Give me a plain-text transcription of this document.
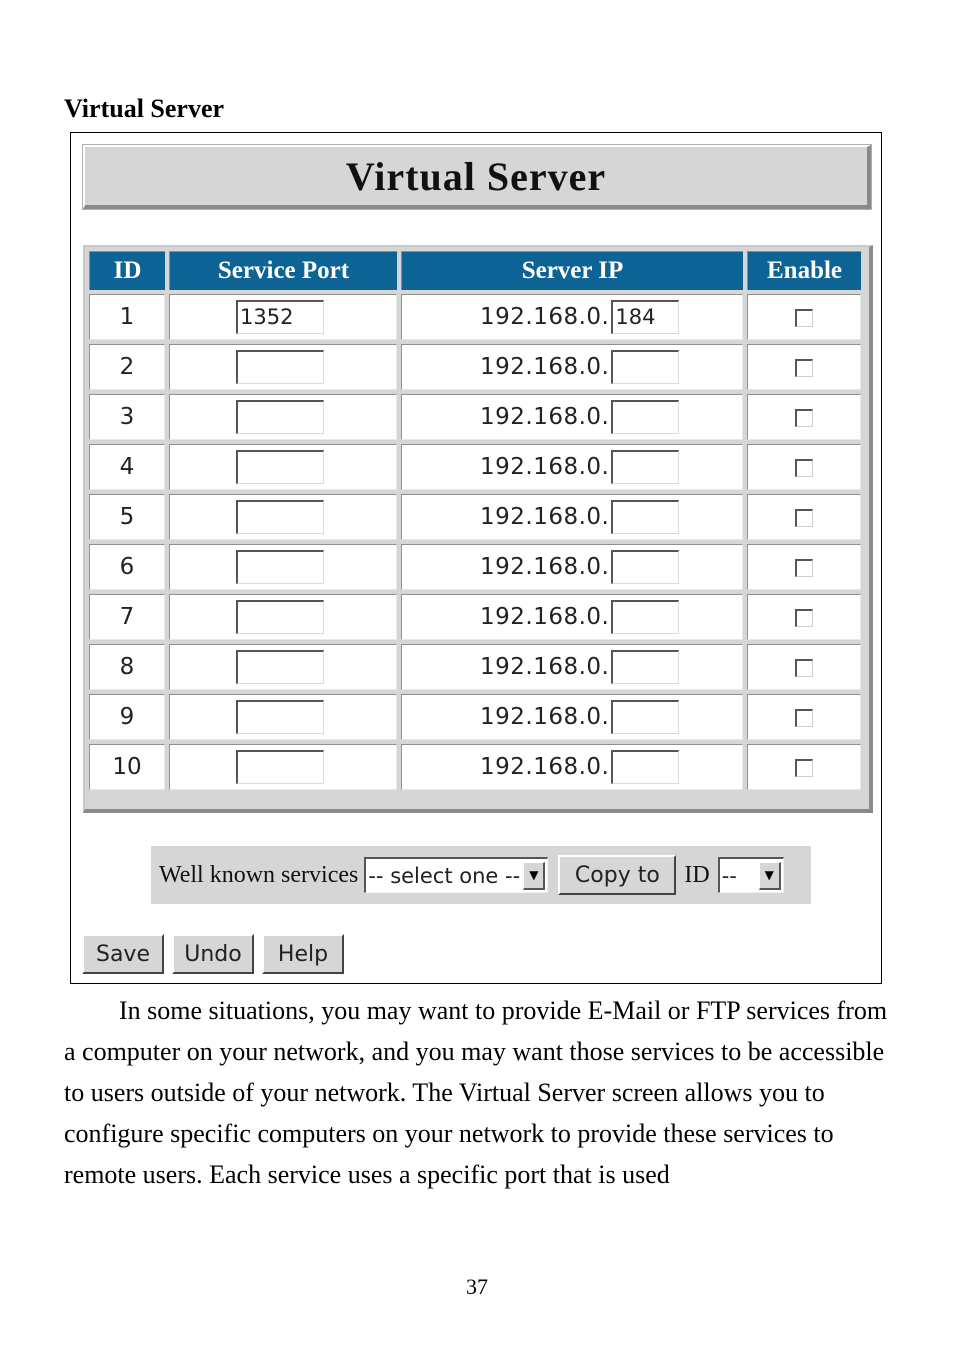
Virtual Server
Virtual Server
ID	Service Port	Server IP	Enable
1	1352	192.168.0. 184	

2		192.168.0.	

3		192.168.0.	

4		192.168.0.	

5		192.168.0.	

6		192.168.0.	

7		192.168.0.	

8		192.168.0.	

9		192.168.0.	

10		192.168.0.	

Well known services -- select one -- ▼	Copy to	ID --	▼
Save	Undo	Help

In some situations, you may want to provide E-Mail or FTP services from a computer on your network, and you may want those services to be accessible to users outside of your network. The Virtual Server screen allows you to configure specific computers on your network to provide these services to remote users. Each service uses a specific port that is used

37
